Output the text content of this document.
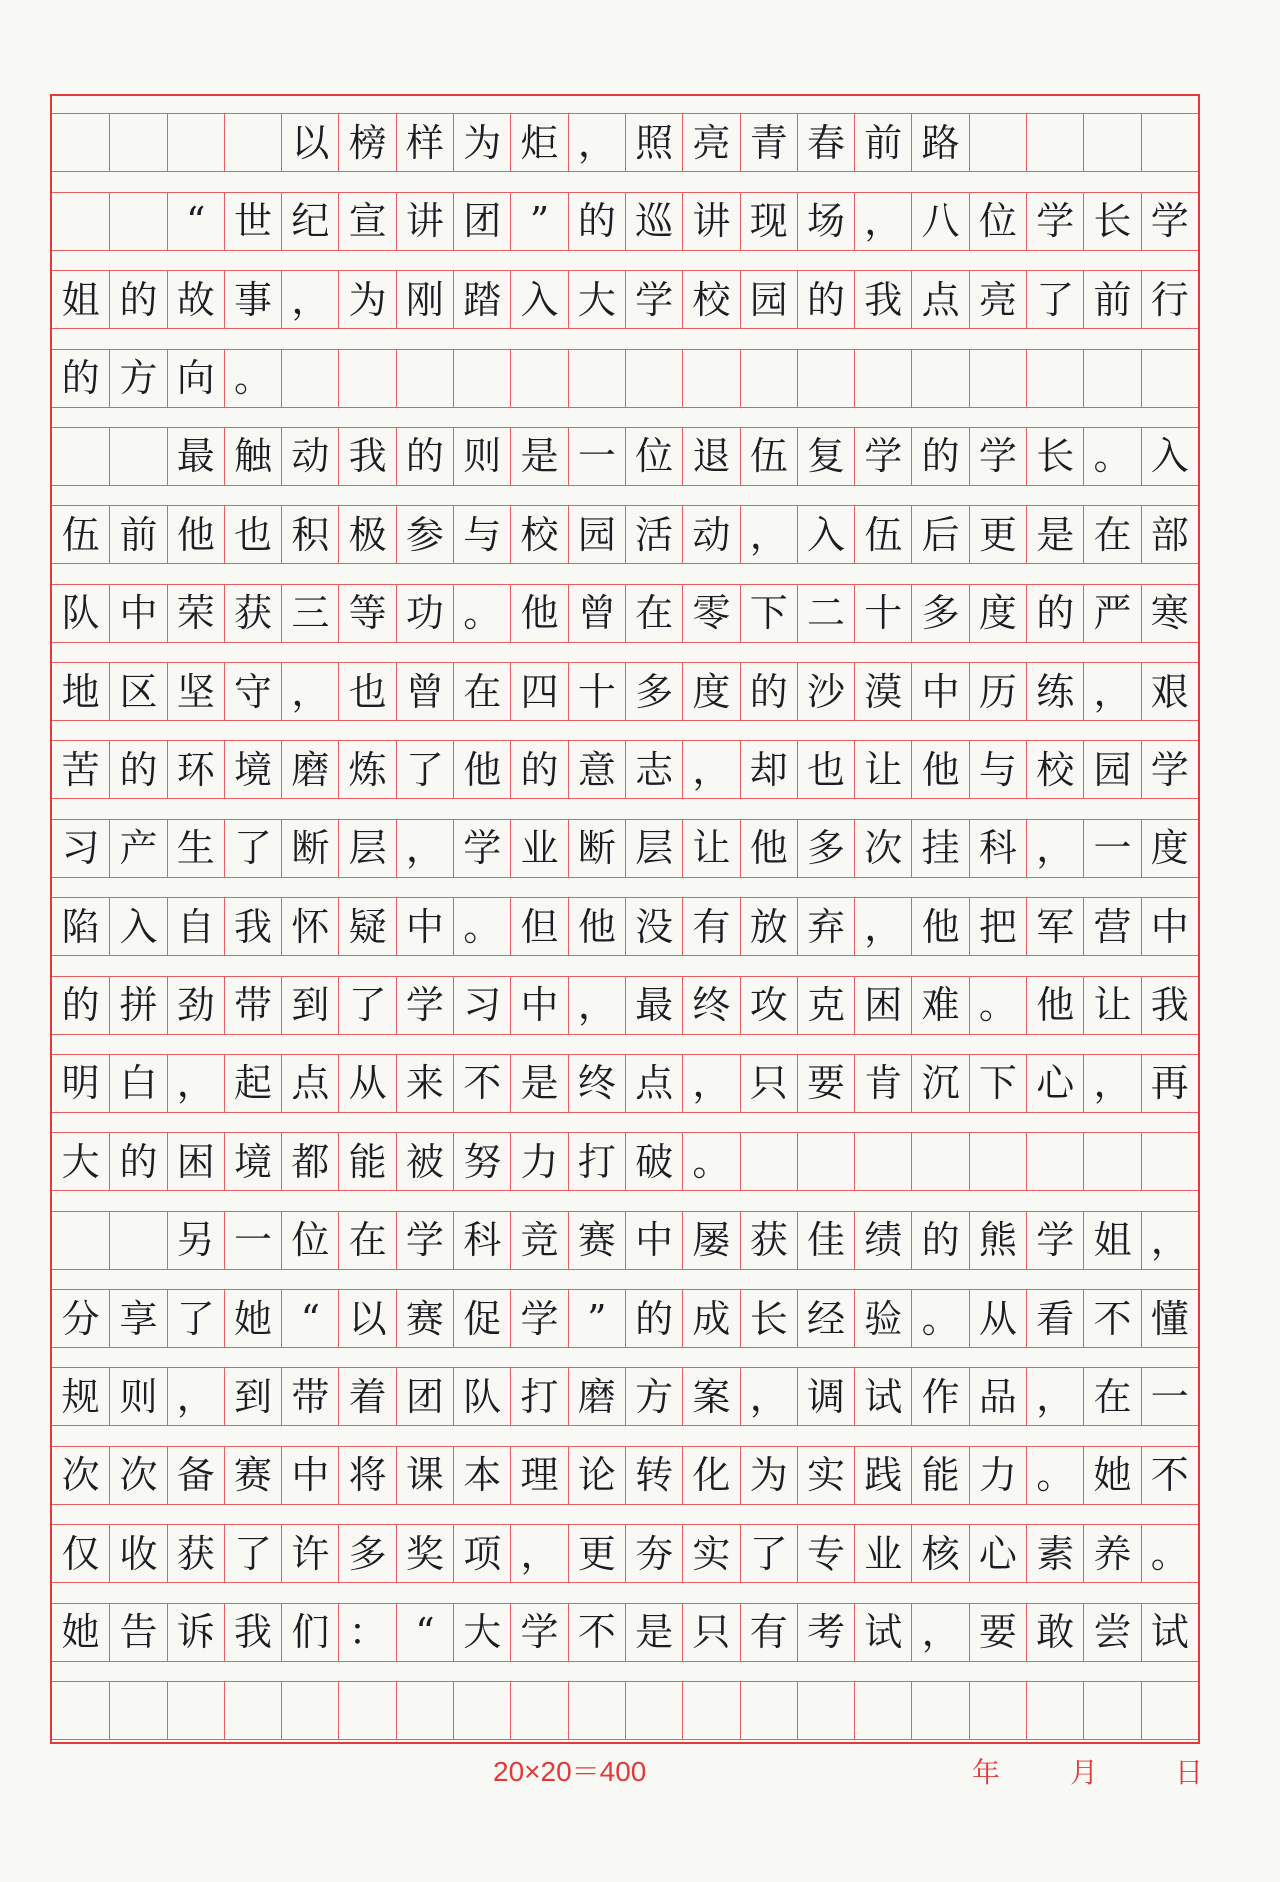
以 榜 样 为 炬 ， 照 亮 青 春 前 路
“ 世 纪 宣 讲 团 ” 的 巡 讲 现 场 ， 八 位 学 长 学
姐 的 故 事 ， 为 刚 踏 入 大 学 校 园 的 我 点 亮 了 前 行
的 方 向 。
最 触 动 我 的 则 是 一 位 退 伍 复 学 的 学 长 。 入
伍 前 他 也 积 极 参 与 校 园 活 动 ， 入 伍 后 更 是 在 部
队 中 荣 获 三 等 功 。 他 曾 在 零 下 二 十 多 度 的 严 寒
地 区 坚 守 ， 也 曾 在 四 十 多 度 的 沙 漠 中 历 练 ， 艰
苦 的 环 境 磨 炼 了 他 的 意 志 ， 却 也 让 他 与 校 园 学
习 产 生 了 断 层 ， 学 业 断 层 让 他 多 次 挂 科 ， 一 度
陷 入 自 我 怀 疑 中 。 但 他 没 有 放 弃 ， 他 把 军 营 中
的 拼 劲 带 到 了 学 习 中 ， 最 终 攻 克 困 难 。 他 让 我
明 白 ， 起 点 从 来 不 是 终 点 ， 只 要 肯 沉 下 心 ， 再
大 的 困 境 都 能 被 努 力 打 破 。
另 一 位 在 学 科 竞 赛 中 屡 获 佳 绩 的 熊 学 姐 ，
分 享 了 她 “ 以 赛 促 学 ” 的 成 长 经 验 。 从 看 不 懂
规 则 ， 到 带 着 团 队 打 磨 方 案 ， 调 试 作 品 ， 在 一
次 次 备 赛 中 将 课 本 理 论 转 化 为 实 践 能 力 。 她 不
仅 收 获 了 许 多 奖 项 ， 更 夯 实 了 专 业 核 心 素 养 。
她 告 诉 我 们 ： “ 大 学 不 是 只 有 考 试 ， 要 敢 尝 试
20×20＝400	年 月	日
